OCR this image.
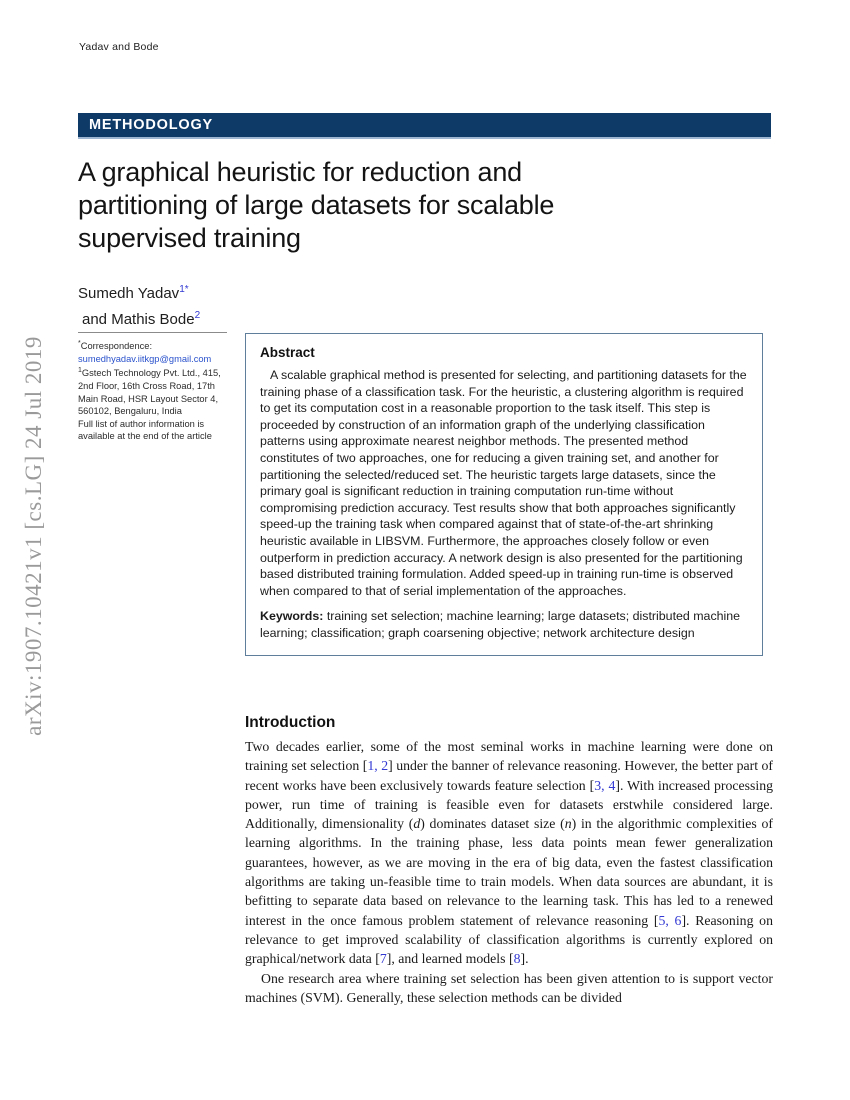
Yadav and Bode
arXiv:1907.10421v1 [cs.LG] 24 Jul 2019
METHODOLOGY
A graphical heuristic for reduction and partitioning of large datasets for scalable supervised training
Sumedh Yadav$^{1*}$
and Mathis Bode$^2$
*Correspondence:
sumedhyadav.iitkgp@gmail.com
$^1$Gstech Technology Pvt. Ltd., 415, 2nd Floor, 16th Cross Road, 17th Main Road, HSR Layout Sector 4, 560102, Bengaluru, India
Full list of author information is available at the end of the article
Abstract

A scalable graphical method is presented for selecting, and partitioning datasets for the training phase of a classification task. For the heuristic, a clustering algorithm is required to get its computation cost in a reasonable proportion to the task itself. This step is proceeded by construction of an information graph of the underlying classification patterns using approximate nearest neighbor methods. The presented method constitutes of two approaches, one for reducing a given training set, and another for partitioning the selected/reduced set. The heuristic targets large datasets, since the primary goal is significant reduction in training computation run-time without compromising prediction accuracy. Test results show that both approaches significantly speed-up the training task when compared against that of state-of-the-art shrinking heuristic available in LIBSVM. Furthermore, the approaches closely follow or even outperform in prediction accuracy. A network design is also presented for the partitioning based distributed training formulation. Added speed-up in training run-time is observed when compared to that of serial implementation of the approaches.

Keywords: training set selection; machine learning; large datasets; distributed machine learning; classification; graph coarsening objective; network architecture design

Introduction

Two decades earlier, some of the most seminal works in machine learning were done on training set selection [1, 2] under the banner of relevance reasoning. However, the better part of recent works have been exclusively towards feature selection [3, 4]. With increased processing power, run time of training is feasible even for datasets erstwhile considered large. Additionally, dimensionality (d) dominates dataset size (n) in the algorithmic complexities of learning algorithms. In the training phase, less data points mean fewer generalization guarantees, however, as we are moving in the era of big data, even the fastest classification algorithms are taking un-feasible time to train models. When data sources are abundant, it is befitting to separate data based on relevance to the learning task. This has led to a renewed interest in the once famous problem statement of relevance reasoning [5, 6]. Reasoning on relevance to get improved scalability of classification algorithms is currently explored on graphical/network data [7], and learned models [8].

One research area where training set selection has been given attention to is support vector machines (SVM). Generally, these selection methods can be divided
